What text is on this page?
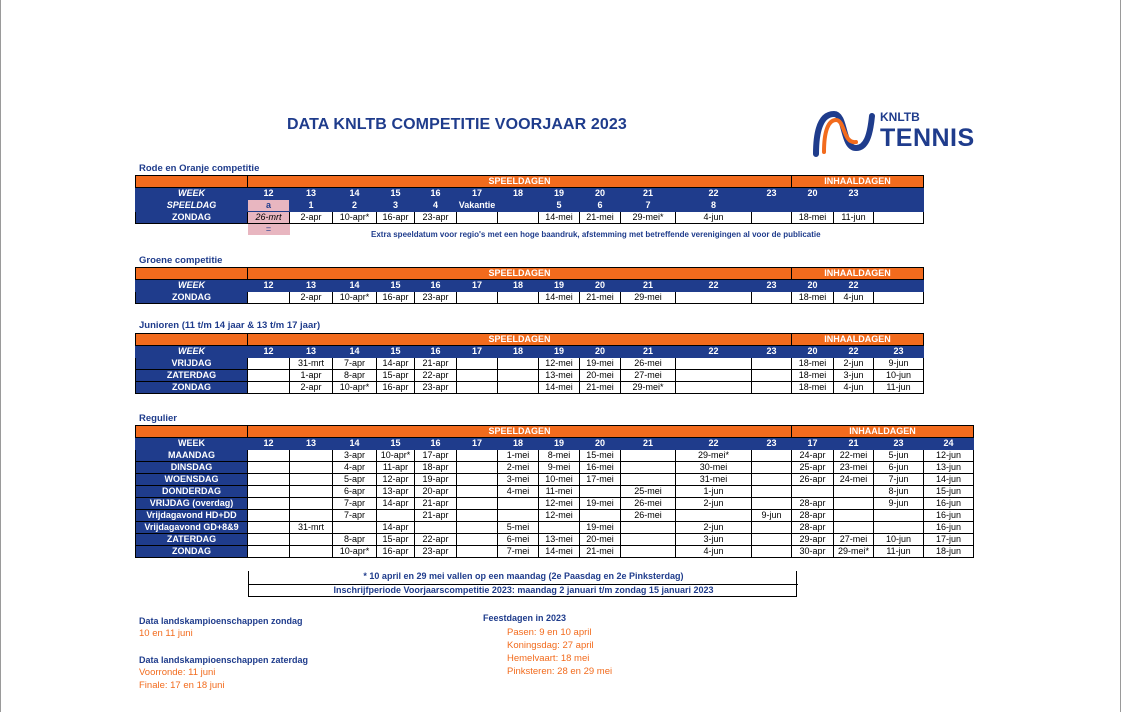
DATA KNLTB COMPETITIE VOORJAAR 2023	KNLTB
TENNIS
Rode en Oranje competitie
	SPEELDAGEN												INHAALDAGEN		
WEEK	12	13	14	15	16	17	18	19	20	21	22	23	20	23	
SPEELDAG	a	1	2	3	4	Vakantie		5	6	7	8				
ZONDAG	26-mrt	2-apr	10-apr*	16-apr	23-apr			14-mei	21-mei	29-mei*	4-jun		18-mei	11-jun	
	=														
Extra speeldatum voor regio's met een hoge baandruk, afstemming met betreffende verenigingen al voor de publicatie
Groene competitie
	SPEELDAGEN												INHAALDAGEN		
WEEK	12	13	14	15	16	17	18	19	20	21	22	23	20	22	
ZONDAG		2-apr	10-apr*	16-apr	23-apr			14-mei	21-mei	29-mei			18-mei	4-jun	
Junioren (11 t/m 14 jaar & 13 t/m 17 jaar)
	SPEELDAGEN												INHAALDAGEN		
WEEK	12	13	14	15	16	17	18	19	20	21	22	23	20	22	23
VRIJDAG		31-mrt	7-apr	14-apr	21-apr			12-mei	19-mei	26-mei			18-mei	2-jun	9-jun
ZATERDAG		1-apr	8-apr	15-apr	22-apr			13-mei	20-mei	27-mei			18-mei	3-jun	10-jun
ZONDAG		2-apr	10-apr*	16-apr	23-apr			14-mei	21-mei	29-mei*			18-mei	4-jun	11-jun
Regulier
	SPEELDAGEN												INHAALDAGEN			
WEEK	12	13	14	15	16	17	18	19	20	21	22	23	17	21	23	24
MAANDAG			3-apr	10-apr*	17-apr		1-mei	8-mei	15-mei		29-mei*		24-apr	22-mei	5-jun	12-jun
DINSDAG			4-apr	11-apr	18-apr		2-mei	9-mei	16-mei		30-mei		25-apr	23-mei	6-jun	13-jun
WOENSDAG			5-apr	12-apr	19-apr		3-mei	10-mei	17-mei		31-mei		26-apr	24-mei	7-jun	14-jun
DONDERDAG			6-apr	13-apr	20-apr		4-mei	11-mei		25-mei	1-jun				8-jun	15-jun
VRIJDAG (overdag)			7-apr	14-apr	21-apr			12-mei	19-mei	26-mei	2-jun		28-apr		9-jun	16-jun
Vrijdagavond HD+DD			7-apr		21-apr			12-mei		26-mei		9-jun	28-apr			16-jun
Vrijdagavond GD+8&9		31-mrt		14-apr			5-mei		19-mei		2-jun		28-apr			16-jun
ZATERDAG			8-apr	15-apr	22-apr		6-mei	13-mei	20-mei		3-jun		29-apr	27-mei	10-jun	17-jun
ZONDAG			10-apr*	16-apr	23-apr		7-mei	14-mei	21-mei		4-jun		30-apr	29-mei*	11-jun	18-jun
* 10 april en 29 mei vallen op een maandag (2e Paasdag en 2e Pinksterdag)
Inschrijfperiode Voorjaarscompetitie 2023: maandag 2 januari t/m zondag 15 januari 2023
Data landskampioenschappen zondag
10 en 11 juni
Data landskampioenschappen zaterdag
Voorronde: 11 juni
Finale: 17 en 18 juni
Feestdagen in 2023
Pasen: 9 en 10 april
Koningsdag: 27 april
Hemelvaart: 18 mei
Pinksteren: 28 en 29 mei
